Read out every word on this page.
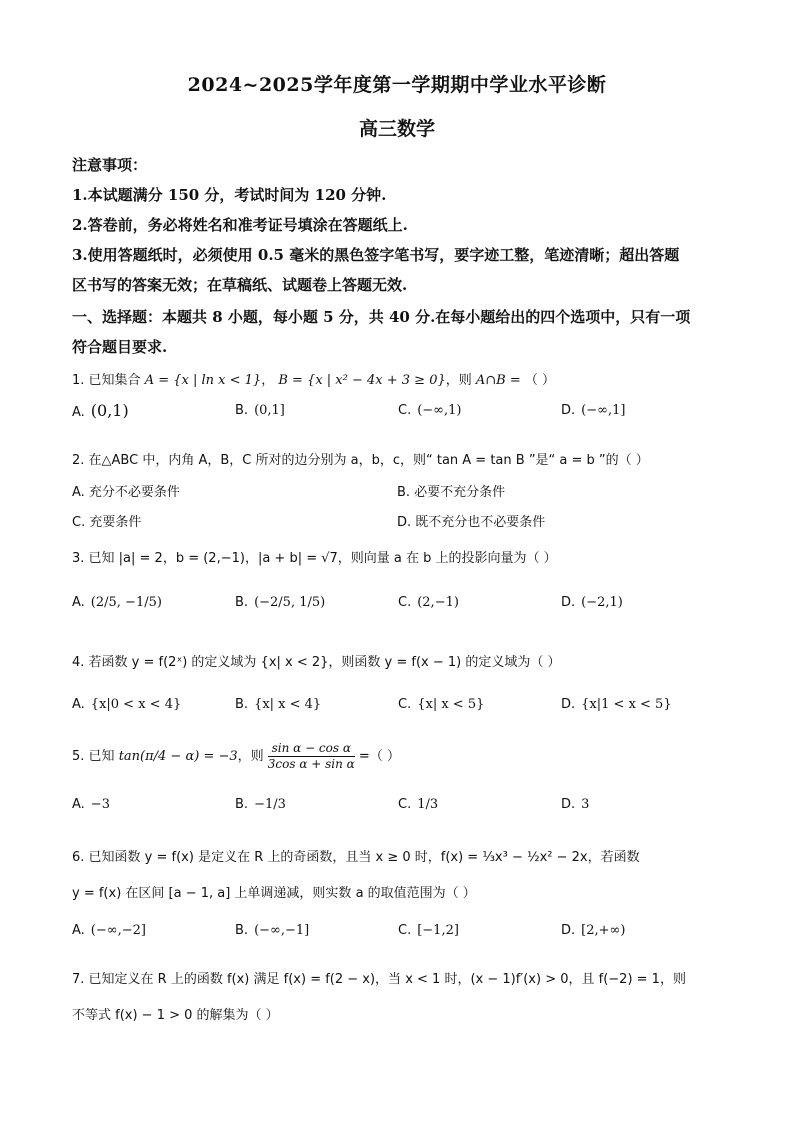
2024~2025学年度第一学期期中学业水平诊断
高三数学
注意事项：
1.本试题满分 150 分，考试时间为 120 分钟.
2.答卷前，务必将姓名和准考证号填涂在答题纸上.
3.使用答题纸时，必须使用 0.5 毫米的黑色签字笔书写，要字迹工整，笔迹清晰；超出答题
区书写的答案无效；在草稿纸、试题卷上答题无效.
一、选择题：本题共 8 小题，每小题 5 分，共 40 分.在每小题给出的四个选项中，只有一项
符合题目要求.
1. 已知集合 A = {x | ln x < 1}， B = {x | x² − 4x + 3 ≥ 0}，则 A∩B = （ ）
A. (0,1)	B. (0,1]	C. (−∞,1)	D. (−∞,1]
2. 在△ABC 中，内角 A，B，C 所对的边分别为 a，b，c，则“ tan A = tan B ”是“ a = b ”的（ ）
A. 充分不必要条件	B. 必要不充分条件
C. 充要条件	D. 既不充分也不必要条件
3. 已知 |a| = 2，b = (2,−1)，|a + b| = √7，则向量 a 在 b 上的投影向量为（ ）
A. (2/5, −1/5)	B. (−2/5, 1/5)	C. (2,−1)	D. (−2,1)
4. 若函数 y = f(2ˣ) 的定义域为 {x| x < 2}，则函数 y = f(x − 1) 的定义域为（ ）
A. {x|0 < x < 4}	B. {x| x < 4}	C. {x| x < 5}	D. {x|1 < x < 5}
5. 已知 tan(π/4 − α) = −3，则 $\frac{\text{sin α − cos α}}{\text{3cos α + sin α}}$ =（ ）
A. −3	B. −1/3	C. 1/3	D. 3
6. 已知函数 y = f(x) 是定义在 R 上的奇函数，且当 x ≥ 0 时，f(x) = ⅓x³ − ½x² − 2x，若函数
y = f(x) 在区间 [a − 1, a] 上单调递减，则实数 a 的取值范围为（ ）
A. (−∞,−2]	B. (−∞,−1]	C. [−1,2]	D. [2,+∞)
7. 已知定义在 R 上的函数 f(x) 满足 f(x) = f(2 − x)，当 x < 1 时，(x − 1)f′(x) > 0，且 f(−2) = 1，则
不等式 f(x) − 1 > 0 的解集为（ ）
